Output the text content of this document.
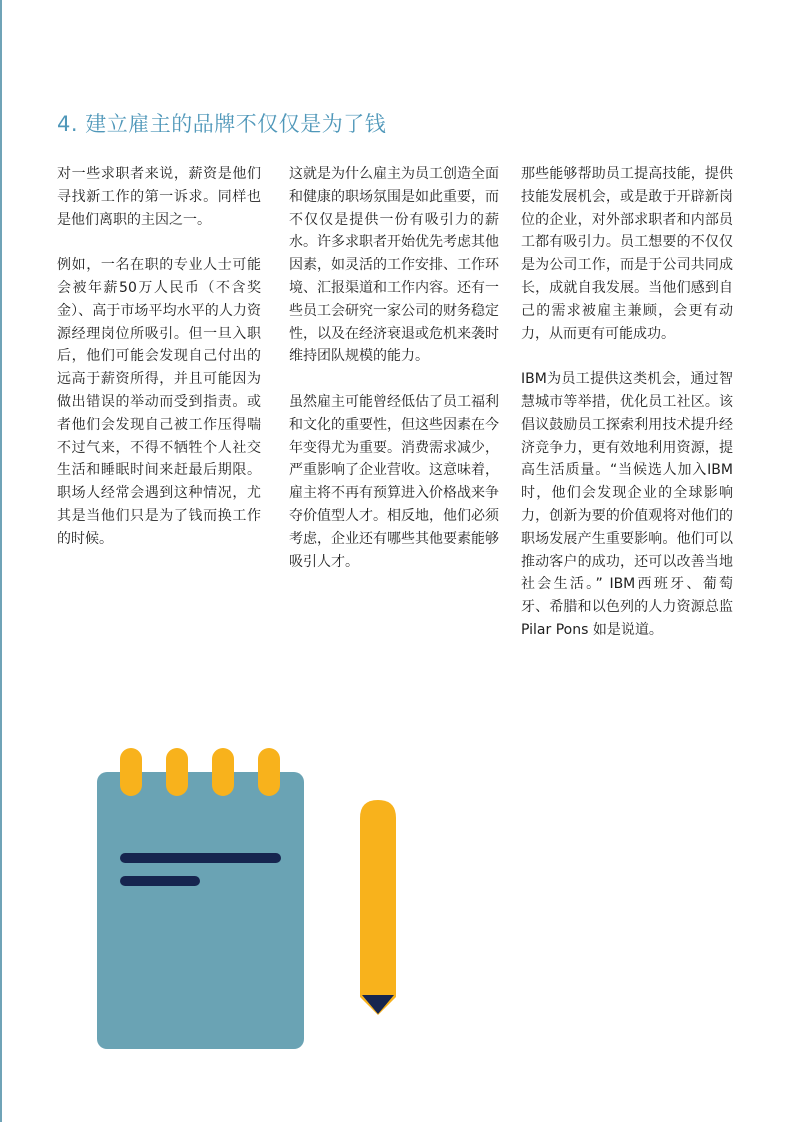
4. 建立雇主的品牌不仅仅是为了钱

对一些求职者来说，薪资是他们寻找新工作的第一诉求。同样也是他们离职的主因之一。

例如，一名在职的专业人士可能会被年薪50万人民币（不含奖金）、高于市场平均水平的人力资源经理岗位所吸引。但一旦入职后，他们可能会发现自己付出的远高于薪资所得，并且可能因为做出错误的举动而受到指责。或者他们会发现自己被工作压得喘不过气来，不得不牺牲个人社交生活和睡眠时间来赶最后期限。职场人经常会遇到这种情况，尤其是当他们只是为了钱而换工作的时候。

这就是为什么雇主为员工创造全面和健康的职场氛围是如此重要，而不仅仅是提供一份有吸引力的薪水。许多求职者开始优先考虑其他因素，如灵活的工作安排、工作环境、汇报渠道和工作内容。还有一些员工会研究一家公司的财务稳定性，以及在经济衰退或危机来袭时维持团队规模的能力。

虽然雇主可能曾经低估了员工福利和文化的重要性，但这些因素在今年变得尤为重要。消费需求减少，严重影响了企业营收。这意味着，雇主将不再有预算进入价格战来争夺价值型人才。相反地，他们必须考虑，企业还有哪些其他要素能够吸引人才。

那些能够帮助员工提高技能，提供技能发展机会，或是敢于开辟新岗位的企业，对外部求职者和内部员工都有吸引力。员工想要的不仅仅是为公司工作，而是于公司共同成长，成就自我发展。当他们感到自己的需求被雇主兼顾，会更有动力，从而更有可能成功。

IBM为员工提供这类机会，通过智慧城市等举措，优化员工社区。该倡议鼓励员工探索利用技术提升经济竞争力，更有效地利用资源，提高生活质量。“当候选人加入IBM时，他们会发现企业的全球影响力，创新为要的价值观将对他们的职场发展产生重要影响。他们可以推动客户的成功，还可以改善当地社会生活。” IBM西班牙、葡萄牙、希腊和以色列的人力资源总监 Pilar Pons 如是说道。
